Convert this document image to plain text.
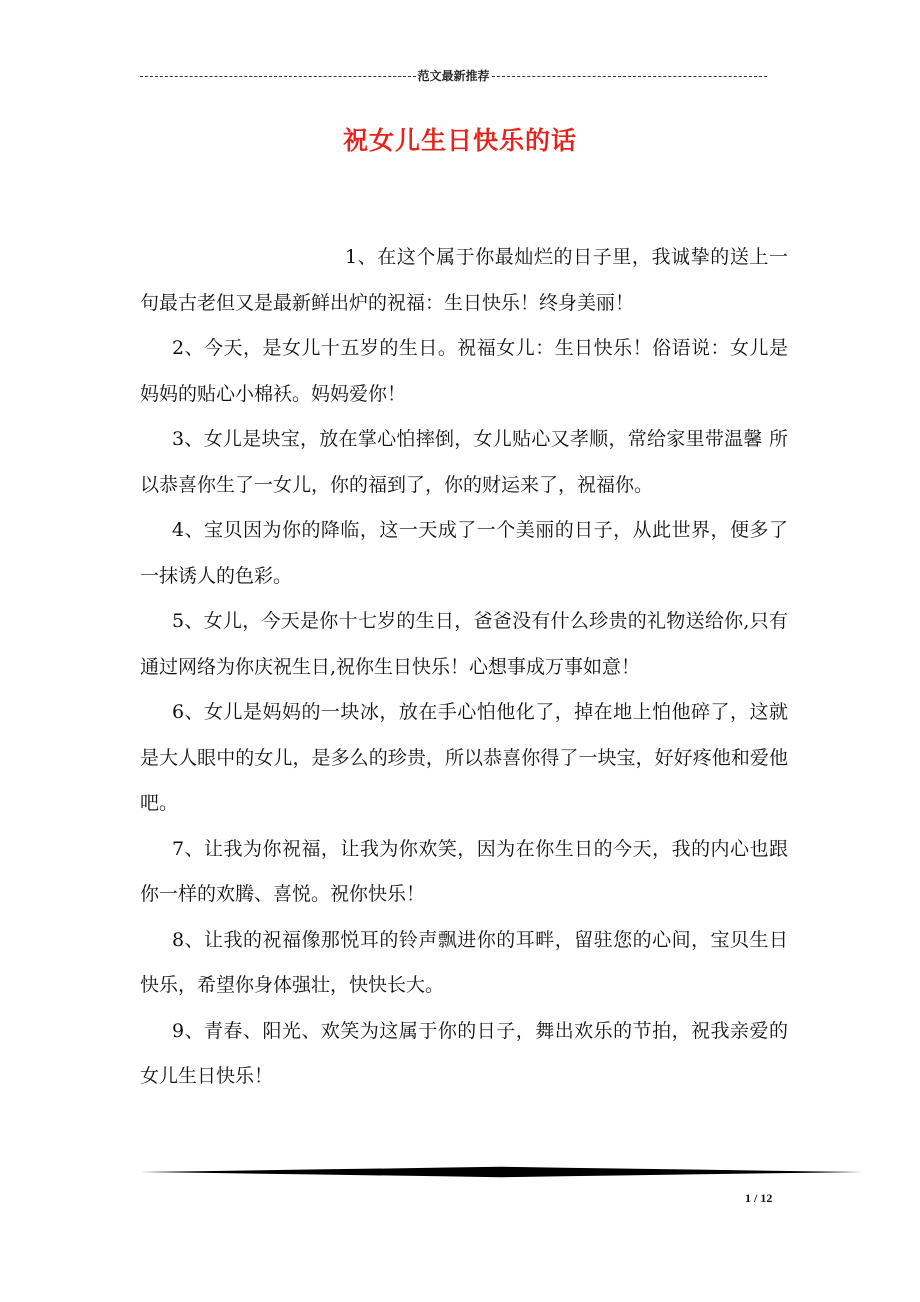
范文最新推荐
祝女儿生日快乐的话

1、在这个属于你最灿烂的日子里，我诚挚的送上一句最古老但又是最新鲜出炉的祝福：生日快乐！终身美丽！

2、今天，是女儿十五岁的生日。祝福女儿：生日快乐！俗语说：女儿是妈妈的贴心小棉袄。妈妈爱你！

3、女儿是块宝，放在掌心怕摔倒，女儿贴心又孝顺，常给家里带温馨 所以恭喜你生了一女儿，你的福到了，你的财运来了，祝福你。

4、宝贝因为你的降临，这一天成了一个美丽的日子，从此世界，便多了一抹诱人的色彩。

5、女儿，今天是你十七岁的生日，爸爸没有什么珍贵的礼物送给你,只有通过网络为你庆祝生日,祝你生日快乐！心想事成万事如意！

6、女儿是妈妈的一块冰，放在手心怕他化了，掉在地上怕他碎了，这就是大人眼中的女儿，是多么的珍贵，所以恭喜你得了一块宝，好好疼他和爱他吧。

7、让我为你祝福，让我为你欢笑，因为在你生日的今天，我的内心也跟你一样的欢腾、喜悦。祝你快乐！

8、让我的祝福像那悦耳的铃声飘进你的耳畔，留驻您的心间，宝贝生日快乐，希望你身体强壮，快快长大。

9、青春、阳光、欢笑为这属于你的日子，舞出欢乐的节拍，祝我亲爱的女儿生日快乐！

1 / 12
